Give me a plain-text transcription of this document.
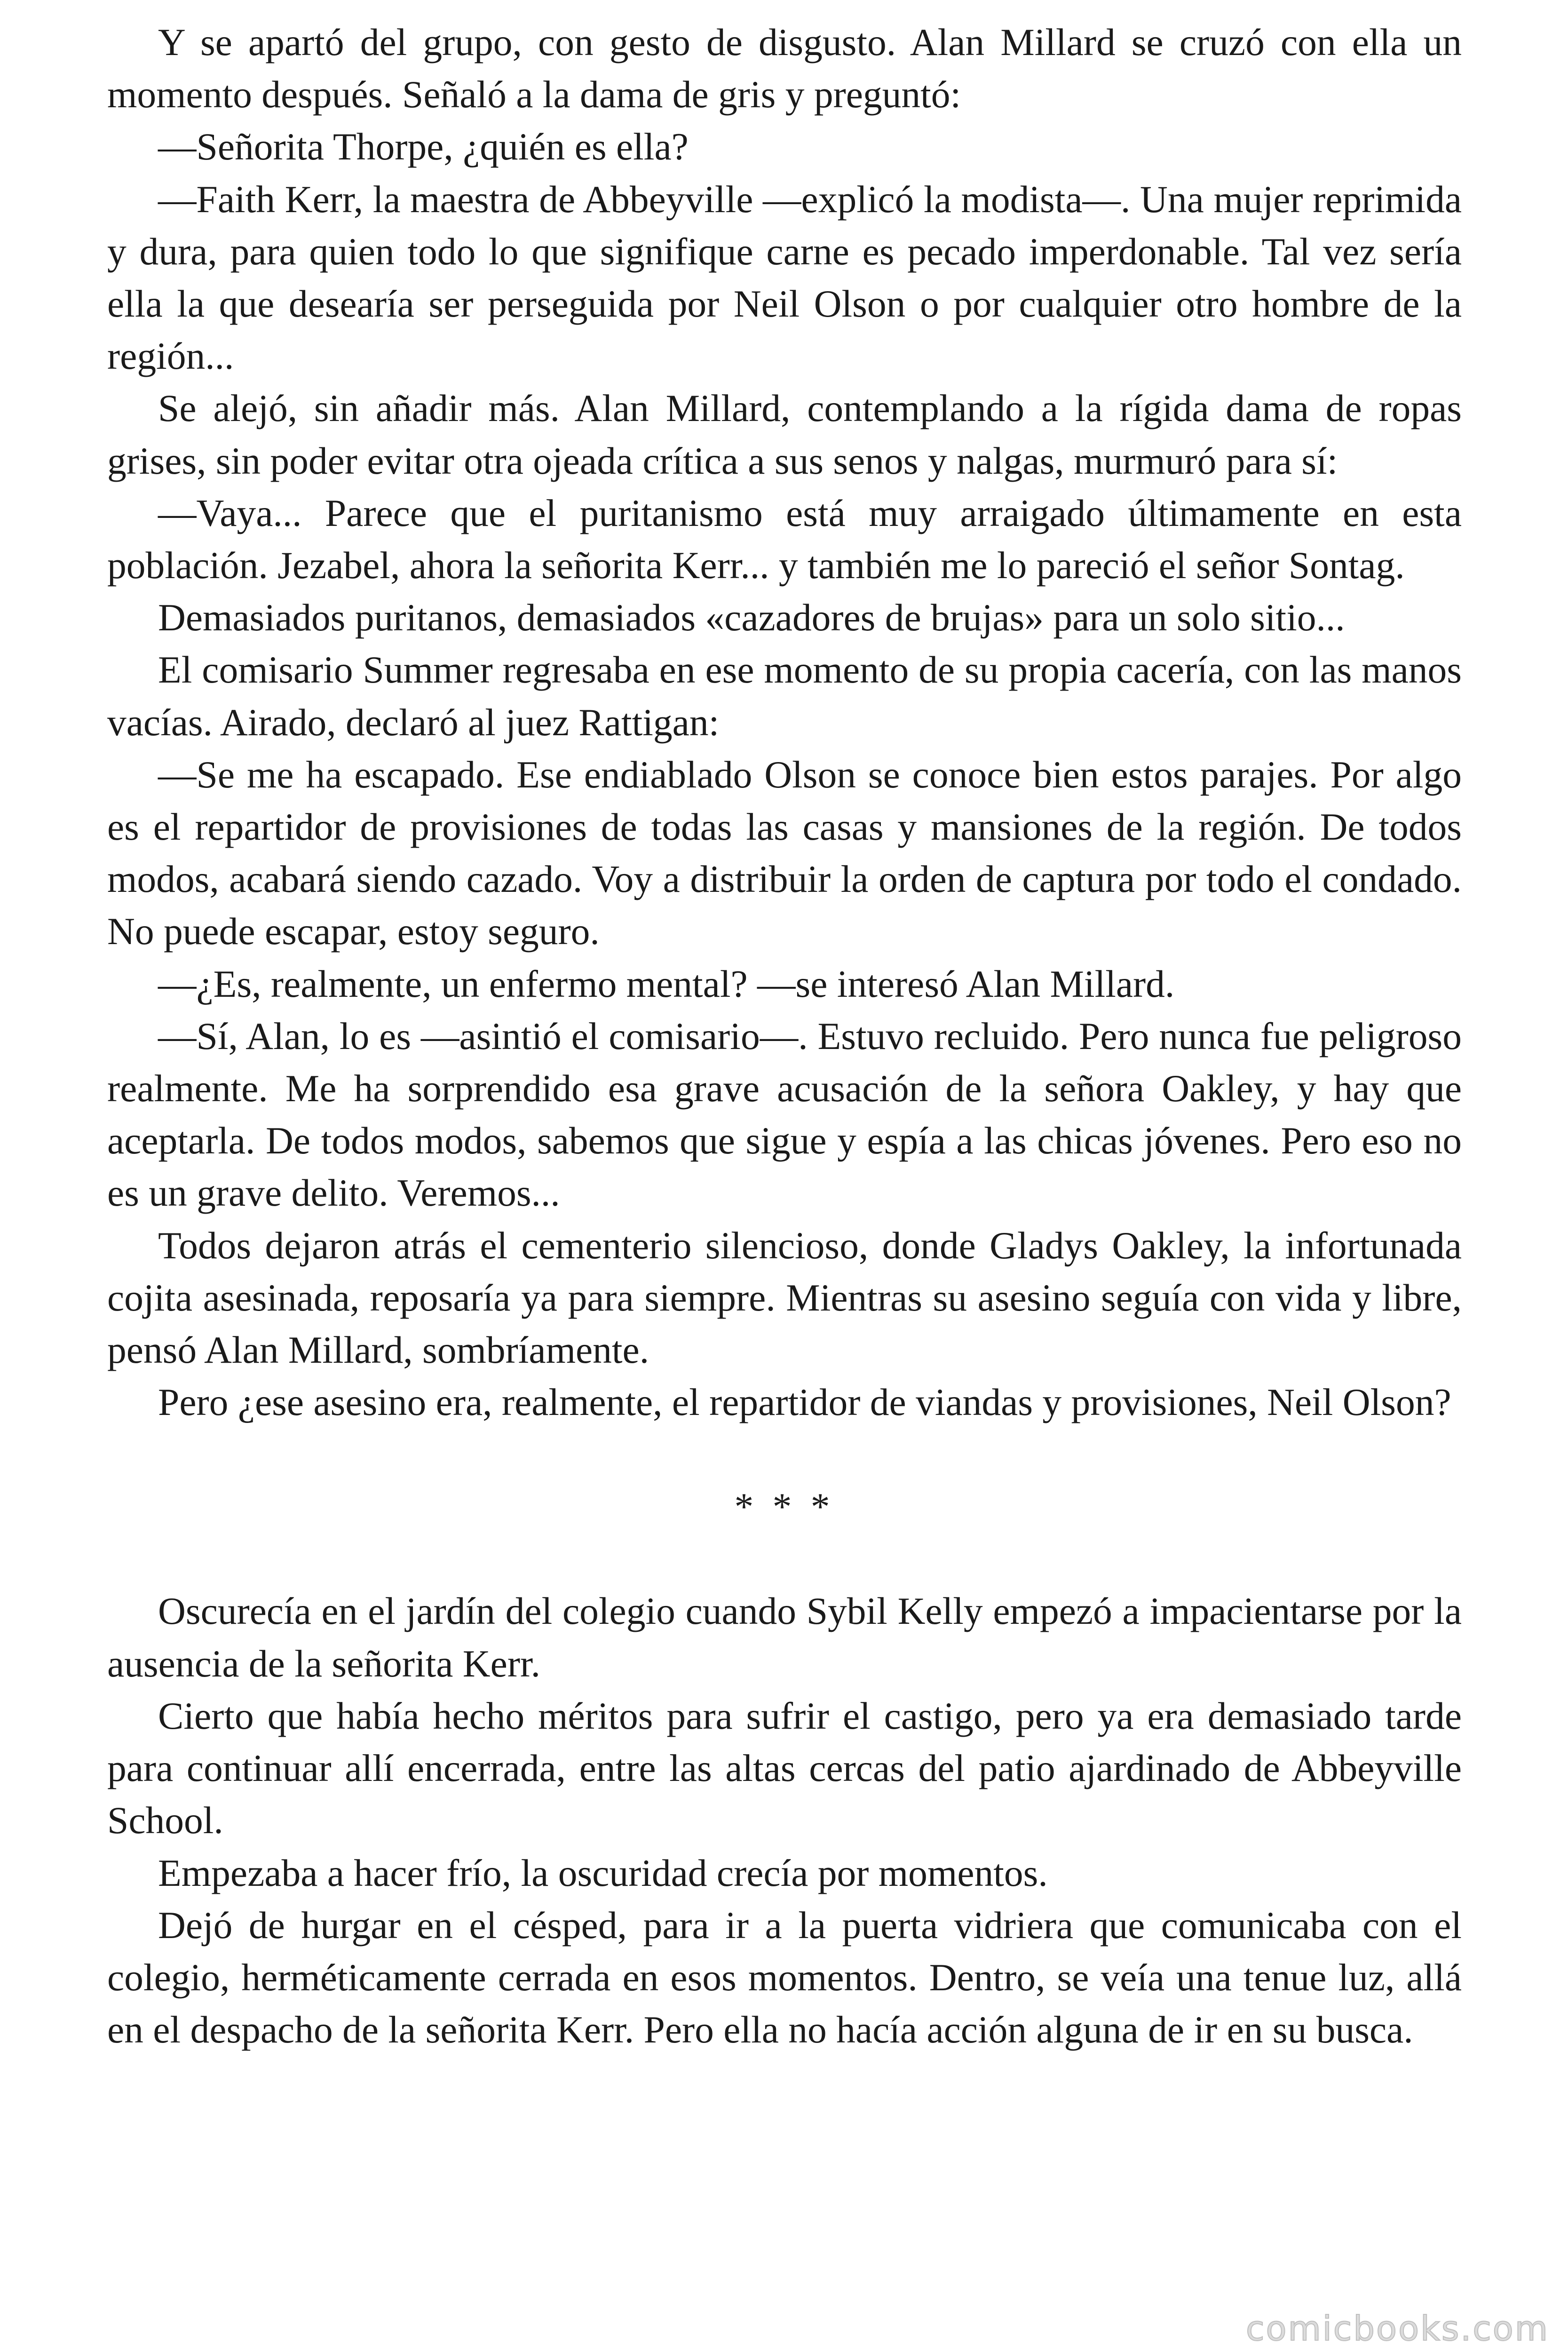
Y se apartó del grupo, con gesto de disgusto. Alan Millard se cruzó con ella un momento después. Señaló a la dama de gris y preguntó:

—Señorita Thorpe, ¿quién es ella?

—Faith Kerr, la maestra de Abbeyville —explicó la modista—. Una mujer reprimida y dura, para quien todo lo que signifique carne es pecado imperdonable. Tal vez sería ella la que desearía ser perseguida por Neil Olson o por cualquier otro hombre de la región...

Se alejó, sin añadir más. Alan Millard, contemplando a la rígida dama de ropas grises, sin poder evitar otra ojeada crítica a sus senos y nalgas, murmuró para sí:

—Vaya... Parece que el puritanismo está muy arraigado últimamente en esta población. Jezabel, ahora la señorita Kerr... y también me lo pareció el señor Sontag.

Demasiados puritanos, demasiados «cazadores de brujas» para un solo sitio...

El comisario Summer regresaba en ese momento de su propia cacería, con las manos vacías. Airado, declaró al juez Rattigan:

—Se me ha escapado. Ese endiablado Olson se conoce bien estos parajes. Por algo es el repartidor de provisiones de todas las casas y mansiones de la región. De todos modos, acabará siendo cazado. Voy a distribuir la orden de captura por todo el condado. No puede escapar, estoy seguro.

—¿Es, realmente, un enfermo mental? —se interesó Alan Millard.

—Sí, Alan, lo es —asintió el comisario—. Estuvo recluido. Pero nunca fue peligroso realmente. Me ha sorprendido esa grave acusación de la señora Oakley, y hay que aceptarla. De todos modos, sabemos que sigue y espía a las chicas jóvenes. Pero eso no es un grave delito. Veremos...

Todos dejaron atrás el cementerio silencioso, donde Gladys Oakley, la infortunada cojita asesinada, reposaría ya para siempre. Mientras su asesino seguía con vida y libre, pensó Alan Millard, sombríamente.

Pero ¿ese asesino era, realmente, el repartidor de viandas y provisiones, Neil Olson?

* * *

Oscurecía en el jardín del colegio cuando Sybil Kelly empezó a impacientarse por la ausencia de la señorita Kerr.

Cierto que había hecho méritos para sufrir el castigo, pero ya era demasiado tarde para continuar allí encerrada, entre las altas cercas del patio ajardinado de Abbeyville School.

Empezaba a hacer frío, la oscuridad crecía por momentos.

Dejó de hurgar en el césped, para ir a la puerta vidriera que comunicaba con el colegio, herméticamente cerrada en esos momentos. Dentro, se veía una tenue luz, allá en el despacho de la señorita Kerr. Pero ella no hacía acción alguna de ir en su busca.

comicbooks.com
